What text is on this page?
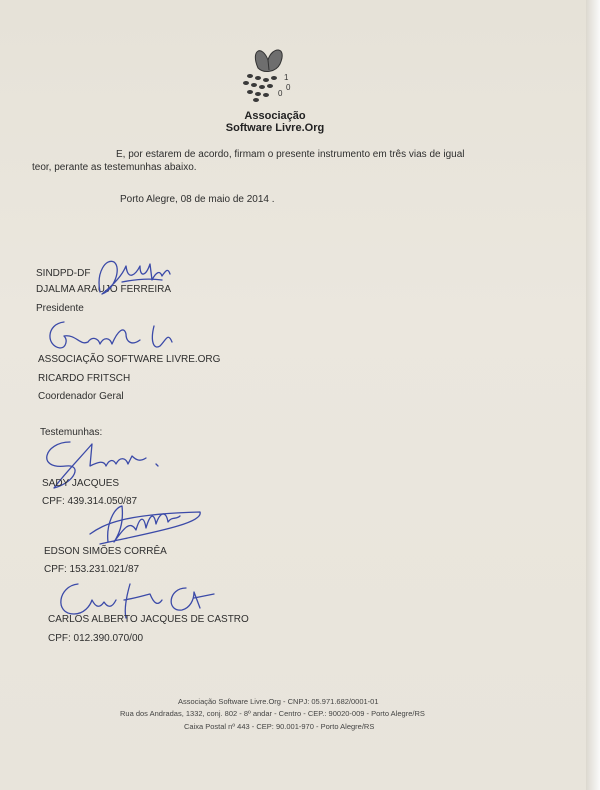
1
0
0
Associação
Software Livre.Org
E, por estarem de acordo, firmam o presente instrumento em três vias de igual
teor, perante as testemunhas abaixo.
Porto Alegre, 08 de maio de 2014 .
SINDPD-DF
DJALMA ARAUJO FERREIRA
Presidente
ASSOCIAÇÃO SOFTWARE LIVRE.ORG
RICARDO FRITSCH
Coordenador Geral
Testemunhas:
SADY JACQUES
CPF: 439.314.050/87
EDSON SIMÕES CORRÊA
CPF: 153.231.021/87
CARLOS ALBERTO JACQUES DE CASTRO
CPF: 012.390.070/00
Associação Software Livre.Org - CNPJ: 05.971.682/0001-01
Rua dos Andradas, 1332, conj. 802 - 8º andar - Centro - CEP.: 90020-009 - Porto Alegre/RS
Caixa Postal nº 443 - CEP: 90.001-970 - Porto Alegre/RS
